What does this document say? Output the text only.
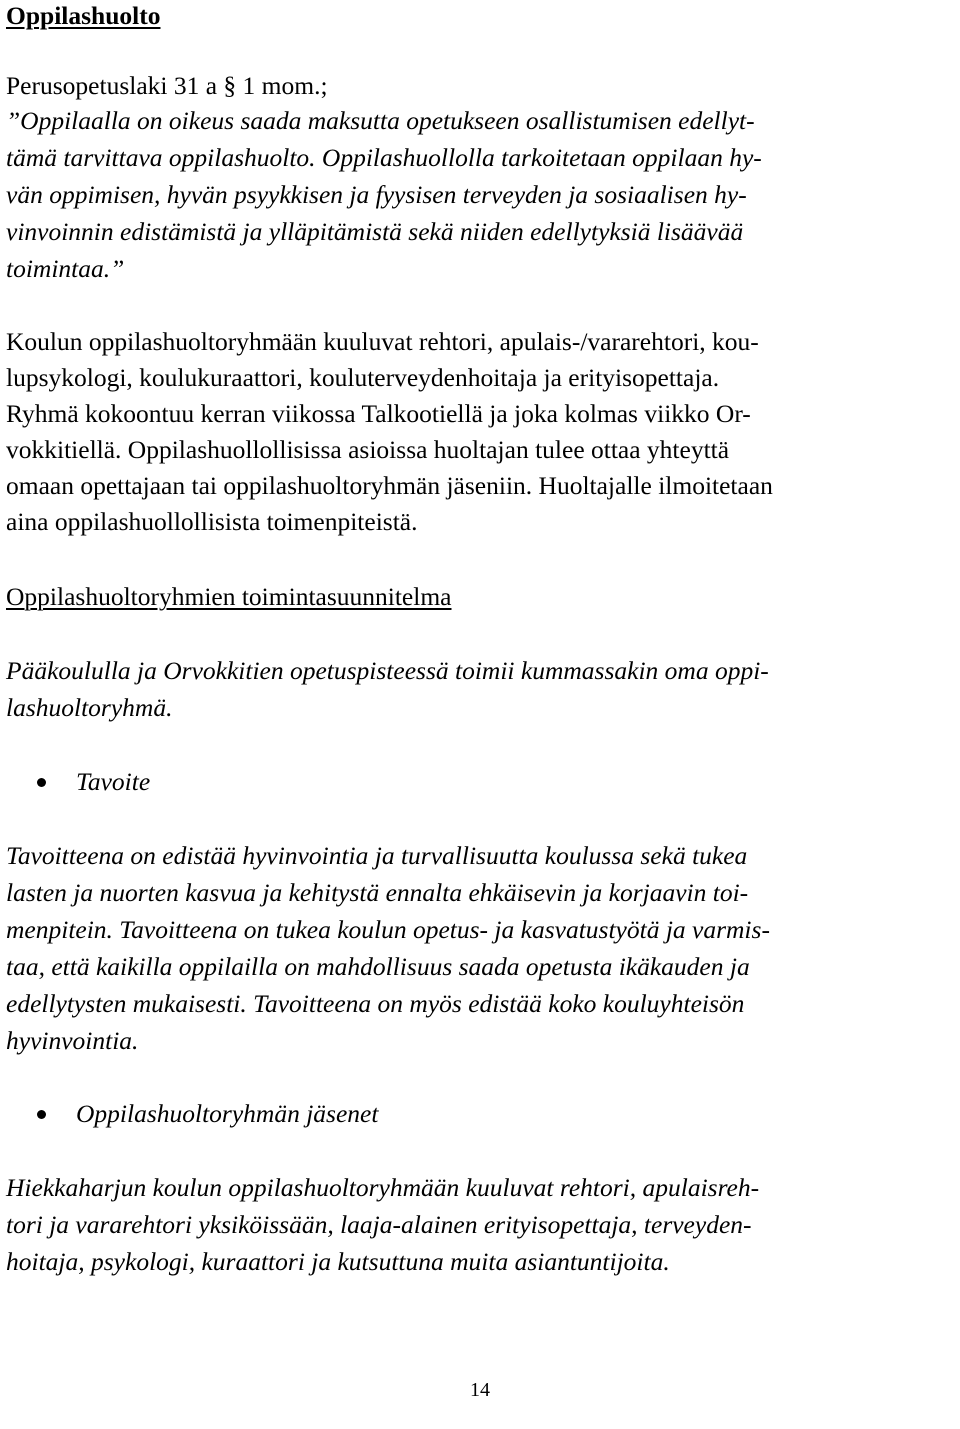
Oppilashuolto
Perusopetuslaki 31 a § 1 mom.;
”Oppilaalla on oikeus saada maksutta opetukseen osallistumisen edellyt-
tämä tarvittava oppilashuolto. Oppilashuollolla tarkoitetaan oppilaan hy-
vän oppimisen, hyvän psyykkisen ja fyysisen terveyden ja sosiaalisen hy-
vinvoinnin edistämistä ja ylläpitämistä sekä niiden edellytyksiä lisäävää
toimintaa.”
Koulun oppilashuoltoryhmään kuuluvat rehtori, apulais-/vararehtori, kou-
lupsykologi, koulukuraattori, kouluterveydenhoitaja ja erityisopettaja.
Ryhmä kokoontuu kerran viikossa Talkootiellä ja joka kolmas viikko Or-
vokkitiellä. Oppilashuollollisissa asioissa huoltajan tulee ottaa yhteyttä
omaan opettajaan tai oppilashuoltoryhmän jäseniin. Huoltajalle ilmoitetaan
aina oppilashuollollisista toimenpiteistä.
Oppilashuoltoryhmien toimintasuunnitelma
Pääkoululla ja Orvokkitien opetuspisteessä toimii kummassakin oma oppi-
lashuoltoryhmä.
Tavoite
Tavoitteena on edistää hyvinvointia ja turvallisuutta koulussa sekä tukea
lasten ja nuorten kasvua ja kehitystä ennalta ehkäisevin ja korjaavin toi-
menpitein. Tavoitteena on tukea koulun opetus- ja kasvatustyötä ja varmis-
taa, että kaikilla oppilailla on mahdollisuus saada opetusta ikäkauden ja
edellytysten mukaisesti. Tavoitteena on myös edistää koko kouluyhteisön
hyvinvointia.
Oppilashuoltoryhmän jäsenet
Hiekkaharjun koulun oppilashuoltoryhmään kuuluvat rehtori, apulaisreh-
tori ja vararehtori yksiköissään, laaja-alainen erityisopettaja, terveyden-
hoitaja, psykologi, kuraattori ja kutsuttuna muita asiantuntijoita.
14
